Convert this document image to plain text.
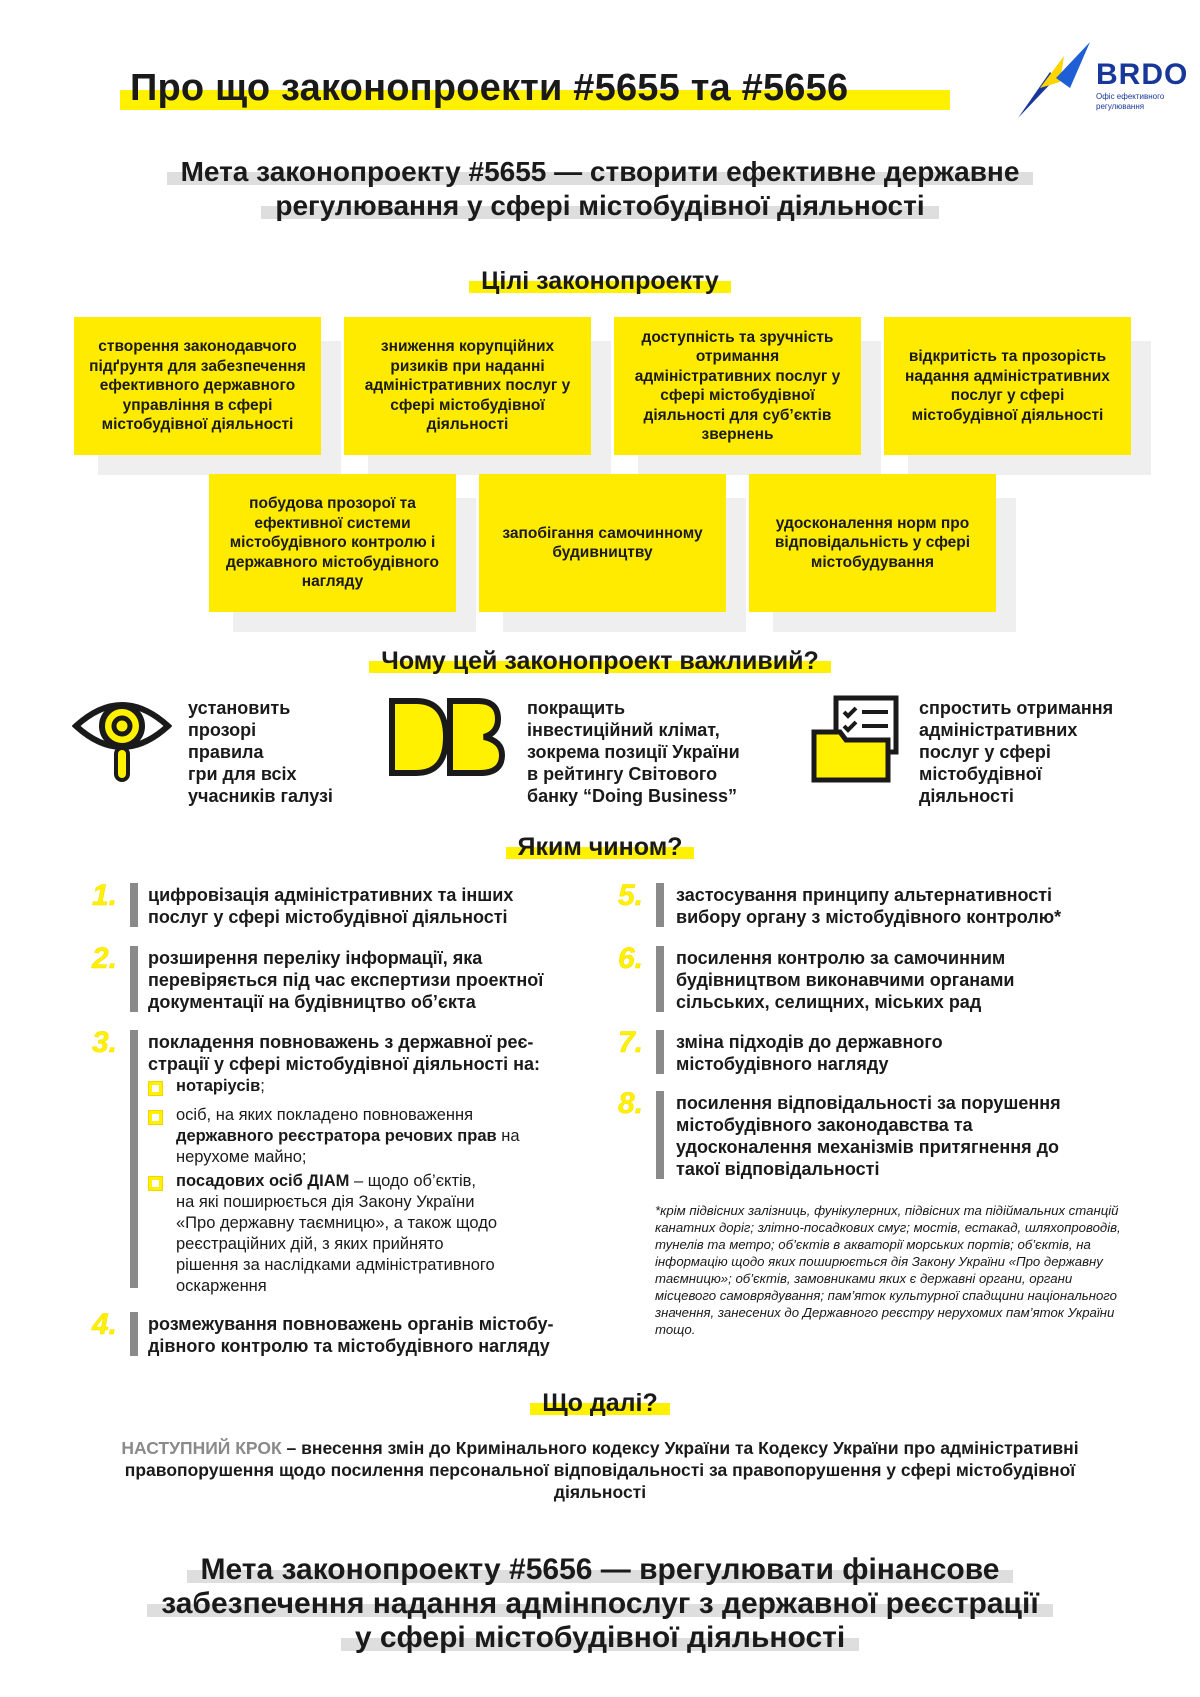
Про що законопроекти #5655 та #5656	BRDO
Офіс ефективного регулювання
Мета законопроекту #5655 — створити ефективне державне
регулювання у сфері містобудівної діяльності
Цілі законопроекту
створення законодавчого підґрунтя для забезпечення ефективного державного управління в сфері містобудівної діяльності
зниження корупційних ризиків при наданні адміністративних послуг у сфері містобудівної діяльності
доступність та зручність отримання адміністративних послуг у сфері містобудівної діяльності для суб’єктів звернень
відкритість та прозорість надання адміністративних послуг у сфері містобудівної діяльності
побудова прозорої та ефективної системи містобудівного контролю і державного містобудівного нагляду
запобігання самочинному будивництву
удосконалення норм про відповідальність у сфері містобудування
Чому цей законопроект важливий?
DB
установить
прозорі
правила
гри для всіх
учасників галузі
покращить
інвестиційний клімат,
зокрема позиції України
в рейтингу Світового
банку “Doing Business”
спростить отримання
адміністративних
послуг у сфері
містобудівної
діяльності
Яким чином?
1. цифровізація адміністративних та інших
послуг у сфері містобудівної діяльності
2. розширення переліку інформації, яка
перевіряється під час експертизи проектної
документації на будівництво об’єкта
3. покладення повноважень з державної реє-
страції у сфері містобудівної діяльності на:
нотаріусів;
осіб, на яких покладено повноваження
державного реєстратора речових прав на
нерухоме майно;
посадових осіб ДІАМ – щодо об’єктів,
на які поширюється дія Закону України
«Про державну таємницю», а також щодо
реєстраційних дій, з яких прийнято
рішення за наслідками адміністративного
оскарження
4. розмежування повноважень органів містобу-
дівного контролю та містобудівного нагляду
5. застосування принципу альтернативності
вибору органу з містобудівного контролю*
6. посилення контролю за самочинним
будівництвом виконавчими органами
сільських, селищних, міських рад
7. зміна підходів до державного
містобудівного нагляду
8. посилення відповідальності за порушення
містобудівного законодавства та
удосконалення механізмів притягнення до
такої відповідальності
*крім підвісних залізниць, фунікулерних, підвісних та підіймальних станцій канатних доріг; злітно-посадкових смуг; мостів, естакад, шляхопроводів, тунелів та метро; об’єктів в акваторії морських портів; об’єктів, на інформацію щодо яких поширюється дія Закону України «Про державну таємницю»; об’єктів, замовниками яких є державні органи, органи місцевого самоврядування; пам’яток культурної спадщини національного значення, занесених до Державного реєстру нерухомих пам’яток України тощо.
Що далі?
НАСТУПНИЙ КРОК – внесення змін до Кримінального кодексу України та Кодексу України про адміністративні правопорушення щодо посилення персональної відповідальності за правопорушення у сфері містобудівної діяльності
Мета законопроекту #5656 — врегулювати фінансове
забезпечення надання адмінпослуг з державної реєстрації
у сфері містобудівної діяльності
